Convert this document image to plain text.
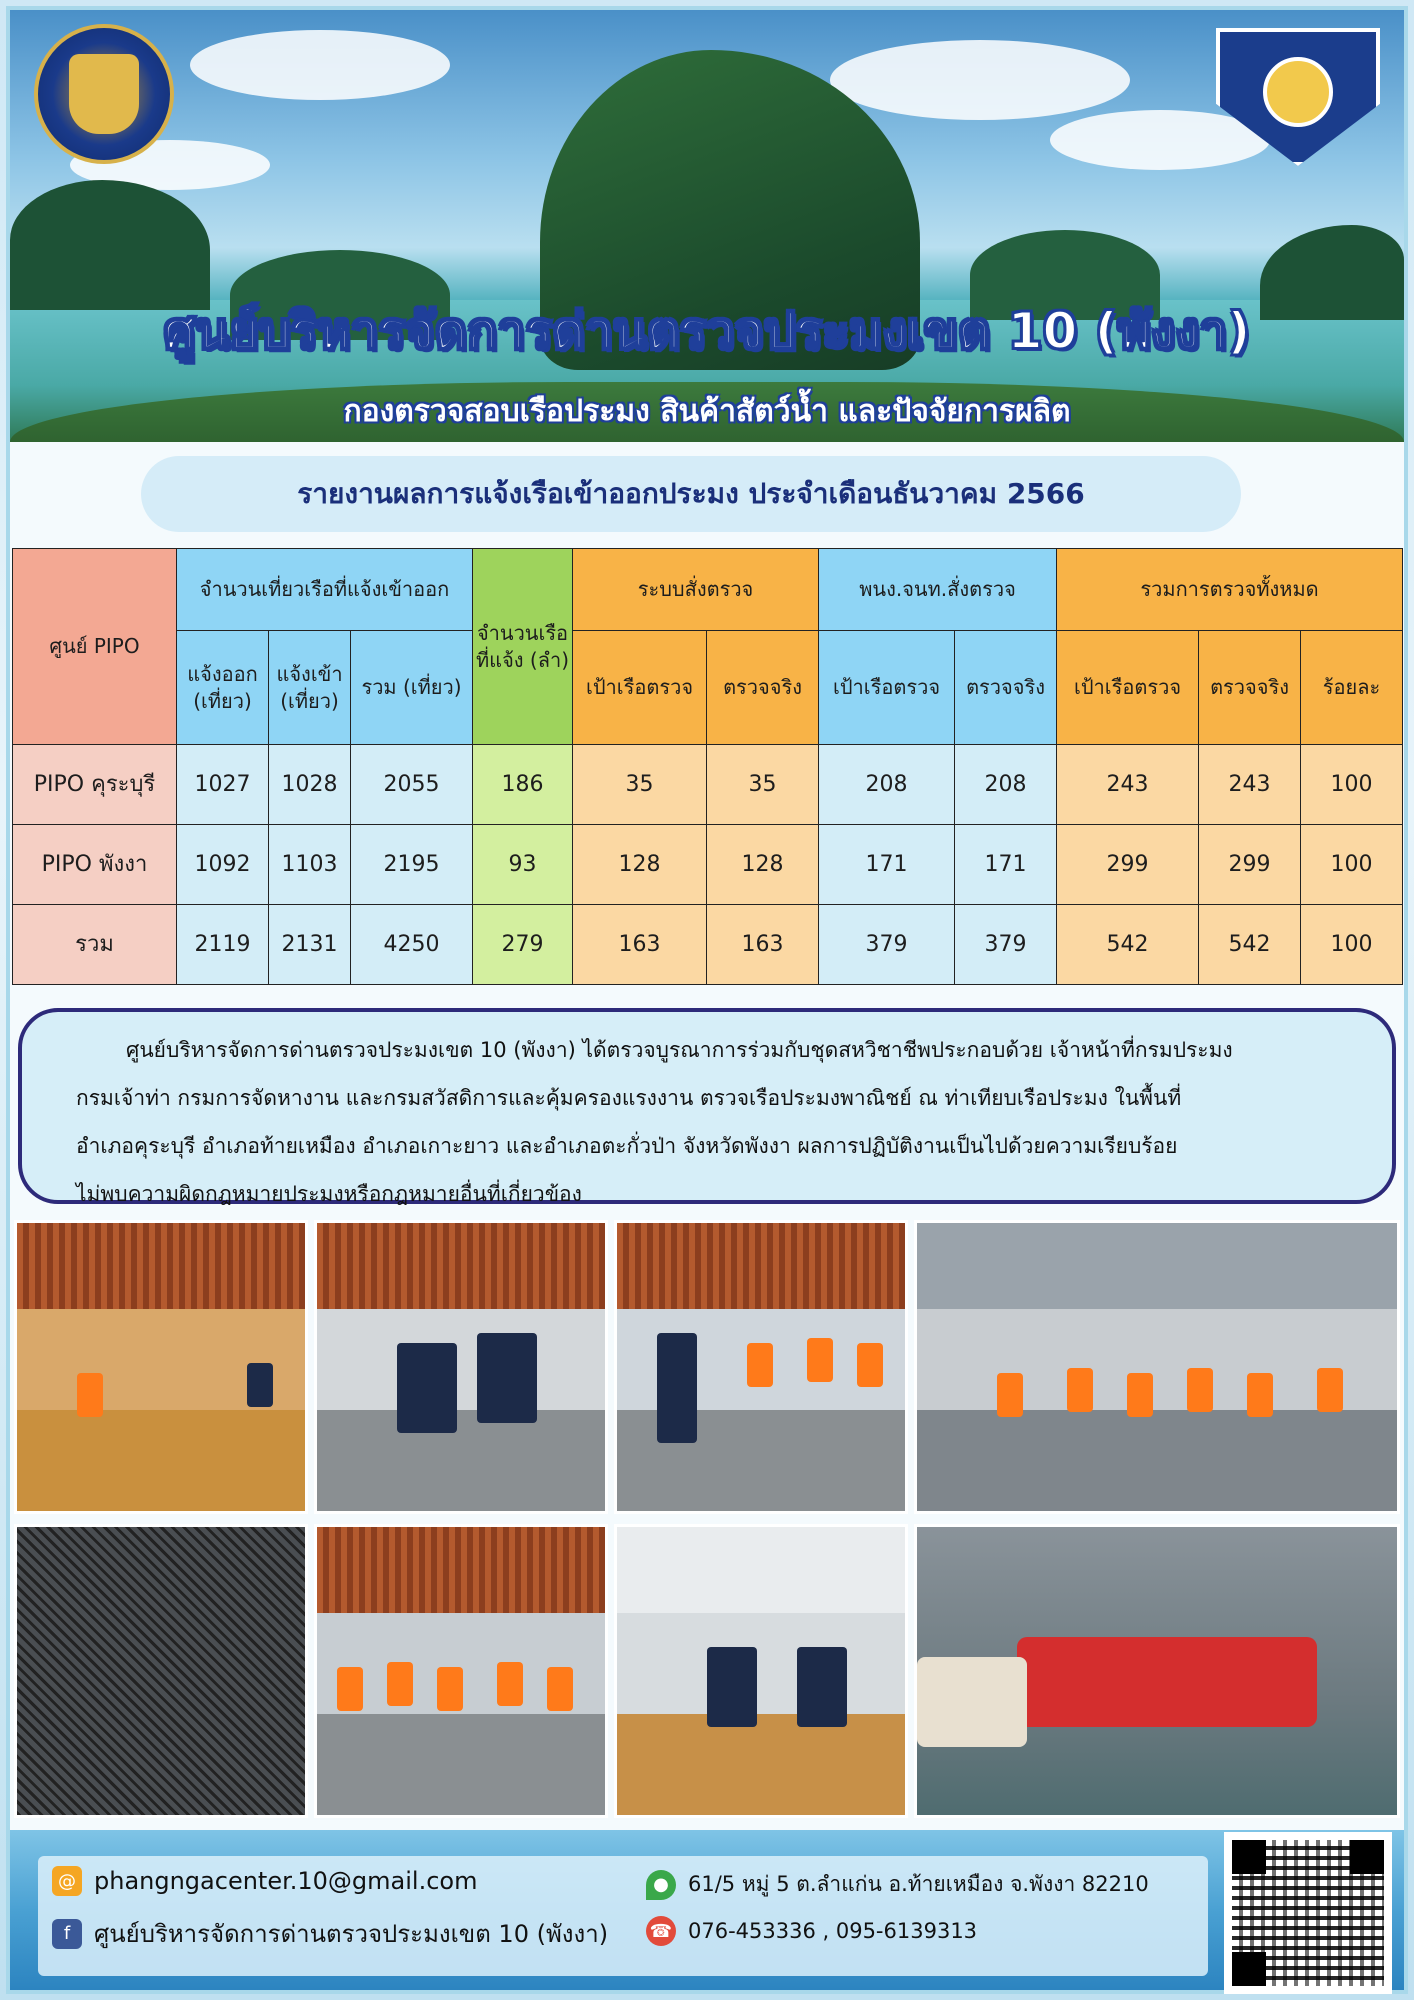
ศูนย์บริหารจัดการด่านตรวจประมงเขต 10 (พังงา)
กองตรวจสอบเรือประมง สินค้าสัตว์น้ำ และปัจจัยการผลิต
รายงานผลการแจ้งเรือเข้าออกประมง ประจำเดือนธันวาคม 2566
ศูนย์ PIPO	จำนวนเที่ยวเรือที่แจ้งเข้าออก			จำนวนเรือที่แจ้ง (ลำ)	ระบบสั่งตรวจ		พนง.จนท.สั่งตรวจ		รวมการตรวจทั้งหมด		
	แจ้งออก (เที่ยว)	แจ้งเข้า (เที่ยว)	รวม (เที่ยว)		เป้าเรือตรวจ	ตรวจจริง	เป้าเรือตรวจ	ตรวจจริง	เป้าเรือตรวจ	ตรวจจริง	ร้อยละ
PIPO คุระบุรี	1027	1028	2055	186	35	35	208	208	243	243	100
PIPO พังงา	1092	1103	2195	93	128	128	171	171	299	299	100
รวม	2119	2131	4250	279	163	163	379	379	542	542	100
ศูนย์บริหารจัดการด่านตรวจประมงเขต 10 (พังงา) ได้ตรวจบูรณาการร่วมกับชุดสหวิชาชีพประกอบด้วย เจ้าหน้าที่กรมประมง
กรมเจ้าท่า กรมการจัดหางาน และกรมสวัสดิการและคุ้มครองแรงงาน ตรวจเรือประมงพาณิชย์ ณ ท่าเทียบเรือประมง ในพื้นที่
อำเภอคุระบุรี อำเภอท้ายเหมือง อำเภอเกาะยาว และอำเภอตะกั่วป่า จังหวัดพังงา ผลการปฏิบัติงานเป็นไปด้วยความเรียบร้อย
ไม่พบความผิดกฎหมายประมงหรือกฎหมายอื่นที่เกี่ยวข้อง
@ phangngacenter.10@gmail.com
f ศูนย์บริหารจัดการด่านตรวจประมงเขต 10 (พังงา)
● 61/5 หมู่ 5 ต.ลำแก่น อ.ท้ายเหมือง จ.พังงา 82210
☎ 076-453336 , 095-6139313
